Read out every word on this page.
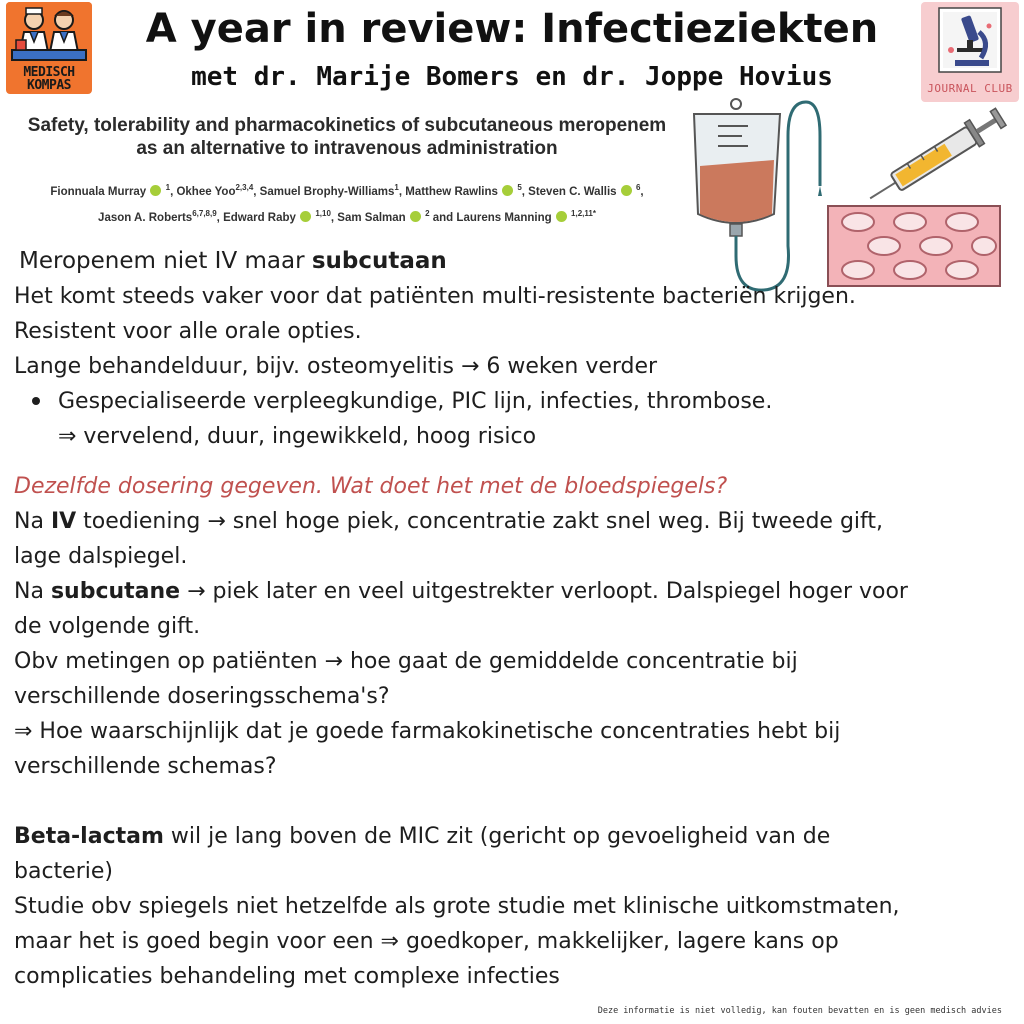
MEDISCH
KOMPAS
A year in review: Infectieziekten
met dr. Marije Bomers en dr. Joppe Hovius	JOURNAL CLUB
Safety, tolerability and pharmacokinetics of subcutaneous meropenem
as an alternative to intravenous administration
Fionnuala Murray $^1$, Okhee Yoo$^{2,3,4}$, Samuel Brophy-Williams$^1$, Matthew Rawlins $^5$, Steven C. Wallis $^6$,
Jason A. Roberts$^{6,7,8,9}$, Edward Raby $^{1,10}$, Sam Salman $^2$ and Laurens Manning $^{1,2,11*}$

Meropenem niet IV maar subcutaan

Het komt steeds vaker voor dat patiënten multi-resistente bacteriën krijgen.

Resistent voor alle orale opties.

Lange behandelduur, bijv. osteomyelitis → 6 weken verder

Gespecialiseerde verpleegkundige, PIC lijn, infecties, thrombose.

⇒ vervelend, duur, ingewikkeld, hoog risico

Dezelfde dosering gegeven. Wat doet het met de bloedspiegels?

Na IV toediening → snel hoge piek, concentratie zakt snel weg. Bij tweede gift,

lage dalspiegel.

Na subcutane → piek later en veel uitgestrekter verloopt. Dalspiegel hoger voor

de volgende gift.

Obv metingen op patiënten → hoe gaat de gemiddelde concentratie bij

verschillende doseringsschema's?

⇒ Hoe waarschijnlijk dat je goede farmakokinetische concentraties hebt bij

verschillende schemas?

Beta-lactam wil je lang boven de MIC zit (gericht op gevoeligheid van de

bacterie)

Studie obv spiegels niet hetzelfde als grote studie met klinische uitkomstmaten,

maar het is goed begin voor een ⇒ goedkoper, makkelijker, lagere kans op

complicaties behandeling met complexe infecties

Deze informatie is niet volledig, kan fouten bevatten en is geen medisch advies
